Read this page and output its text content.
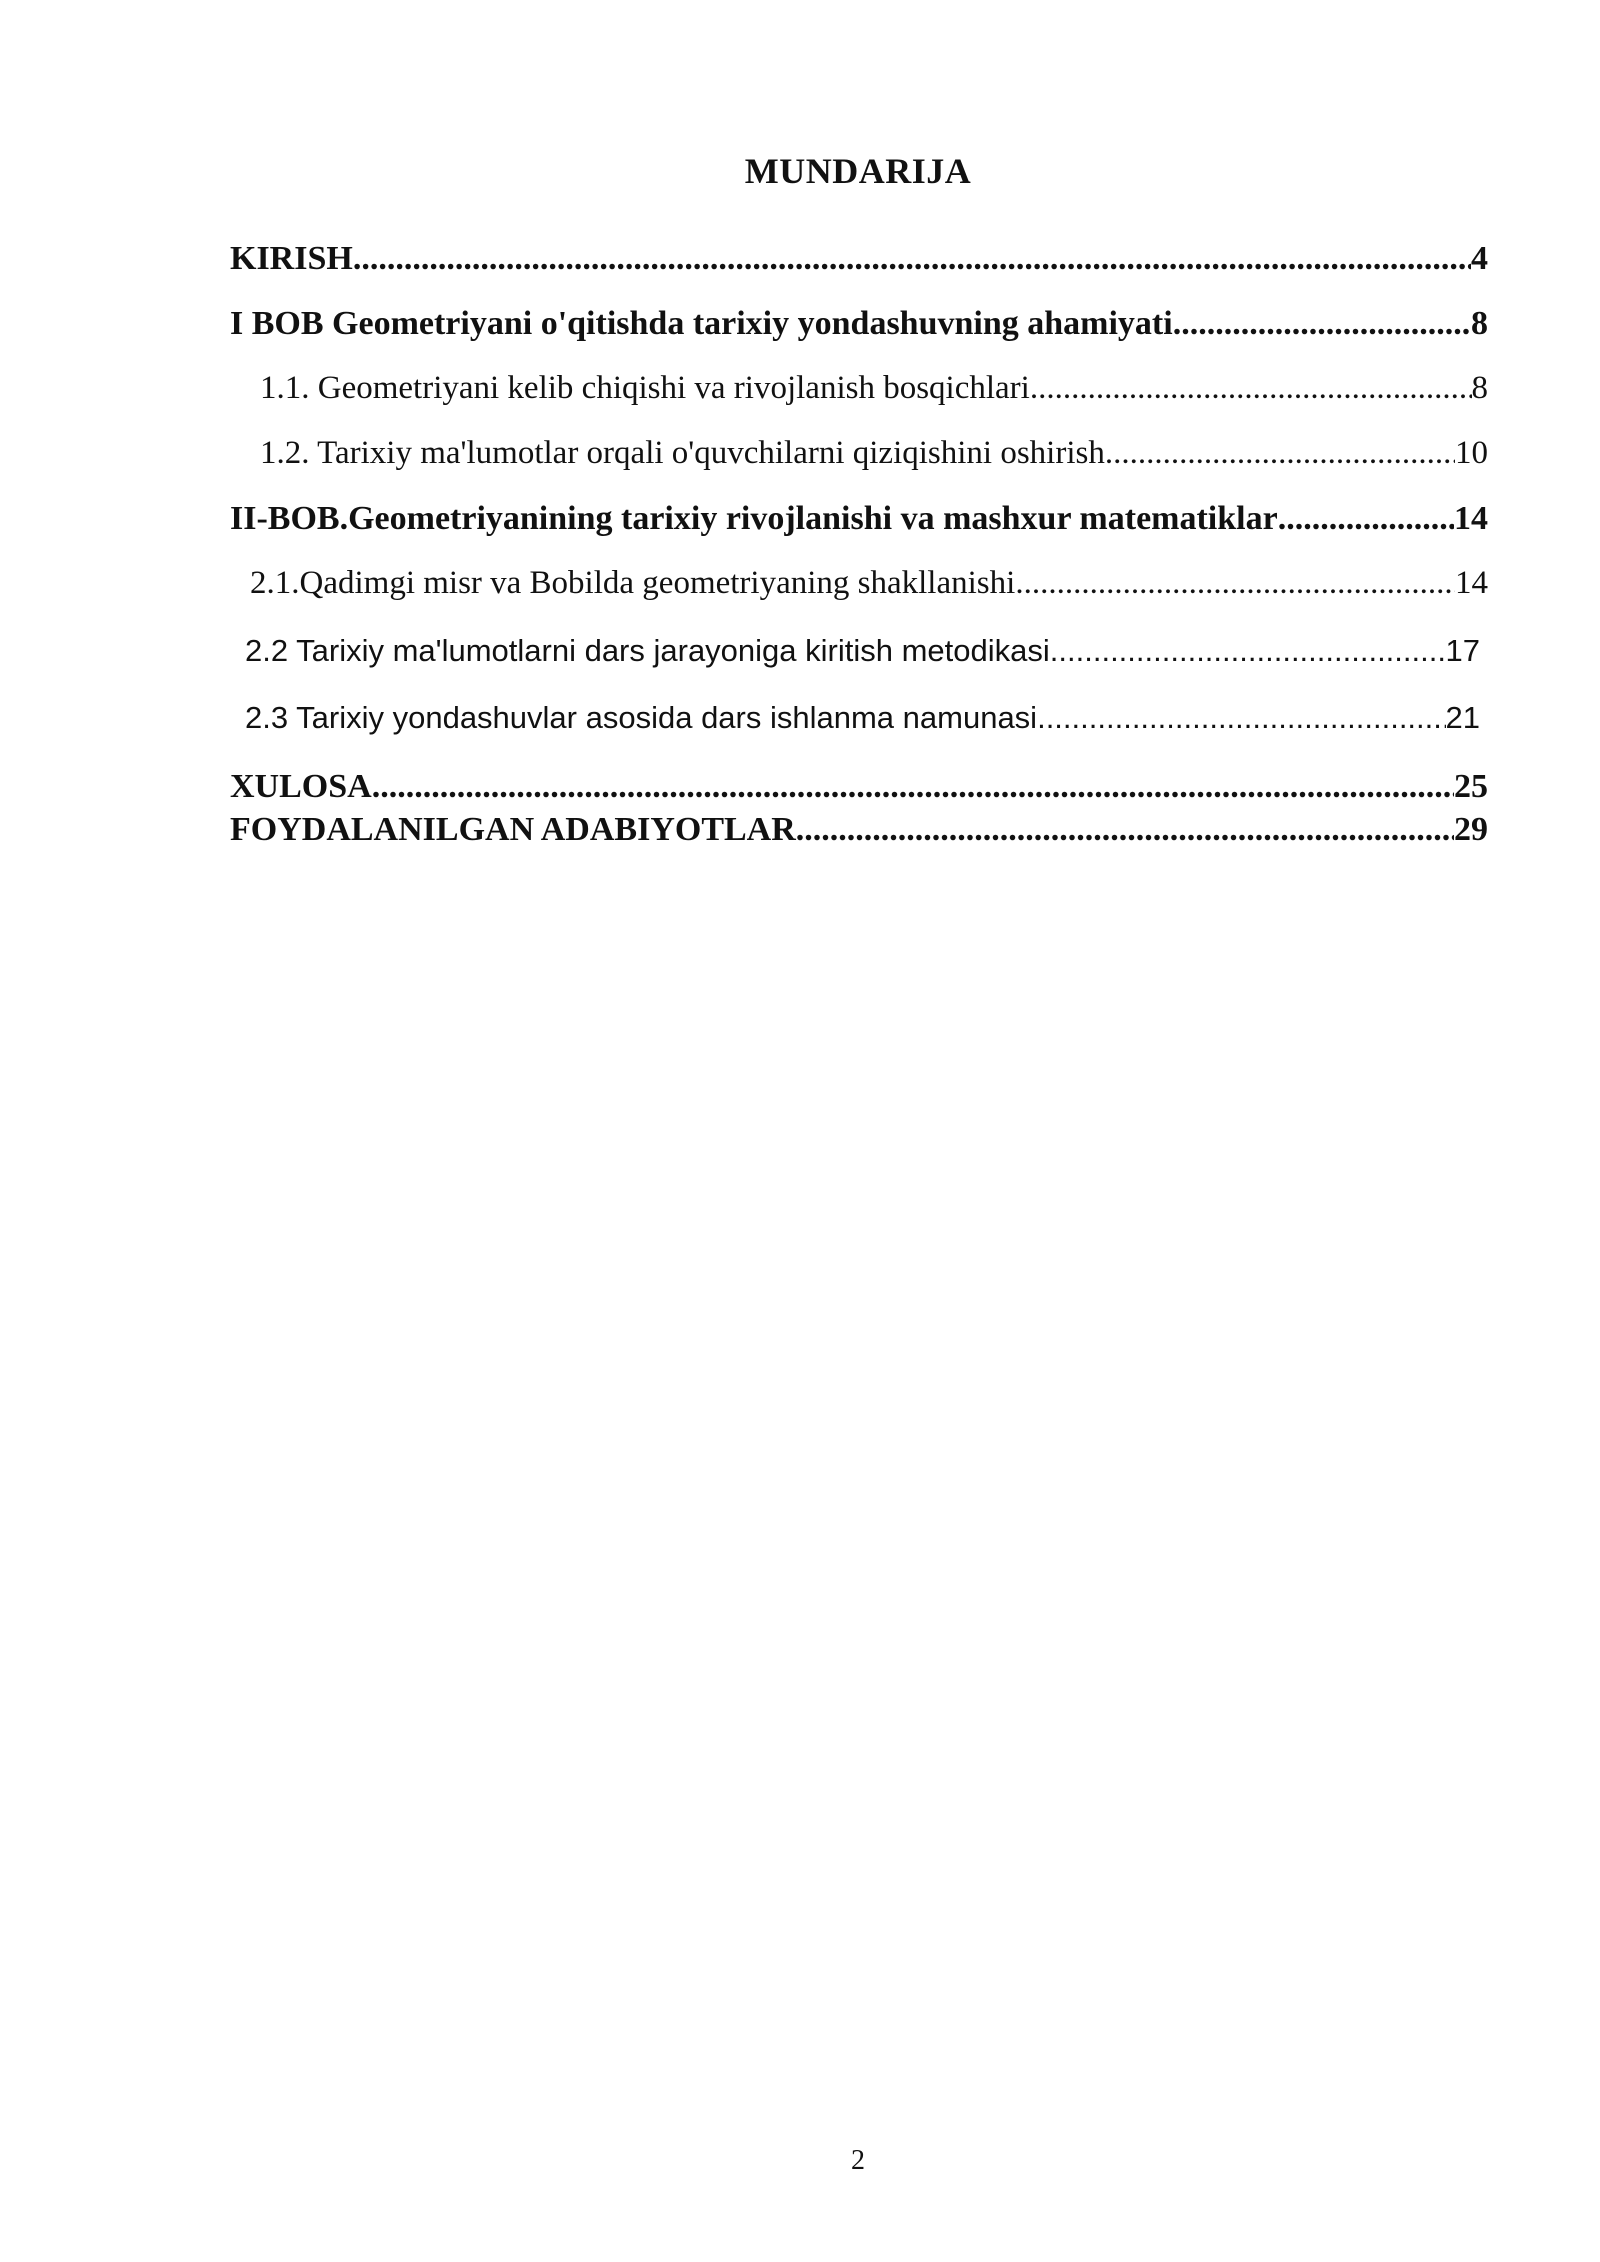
MUNDARIJA
KIRISH .....	4
I BOB Geometriyani o'qitishda tarixiy yondashuvning ahamiyati .....	8
1.1. Geometriyani kelib chiqishi va rivojlanish bosqichlari .....	8
1.2. Tarixiy ma'lumotlar orqali o'quvchilarni qiziqishini oshirish .....	10
II-BOB.Geometriyanining tarixiy rivojlanishi va mashxur matematiklar .....	14
2.1.Qadimgi misr va Bobilda geometriyaning shakllanishi .....	14
2.2 Tarixiy ma'lumotlarni dars jarayoniga kiritish metodikasi .....	17
2.3 Tarixiy yondashuvlar asosida dars ishlanma namunasi .....	21
XULOSA .....	25
FOYDALANILGAN ADABIYOTLAR .....	29
2
